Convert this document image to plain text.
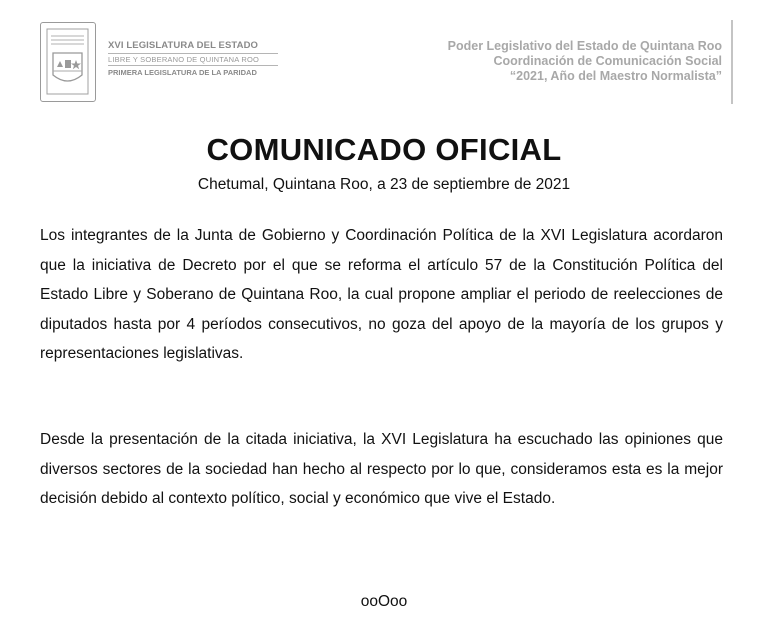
XVI LEGISLATURA DEL ESTADO
LIBRE Y SOBERANO DE QUINTANA ROO
PRIMERA LEGISLATURA DE LA PARIDAD
Poder Legislativo del Estado de Quintana Roo
Coordinación de Comunicación Social
“2021, Año del Maestro Normalista”
COMUNICADO OFICIAL
Chetumal, Quintana Roo, a 23 de septiembre de 2021
Los integrantes de la Junta de Gobierno y Coordinación Política de la XVI Legislatura acordaron que la iniciativa de Decreto por el que se reforma el artículo 57 de la Constitución Política del Estado Libre y Soberano de Quintana Roo, la cual propone ampliar el periodo de reelecciones de diputados hasta por 4 períodos consecutivos, no goza del apoyo de la mayoría de los grupos y representaciones legislativas.
Desde la presentación de la citada iniciativa, la XVI Legislatura ha escuchado las opiniones que diversos sectores de la sociedad han hecho al respecto por lo que, consideramos esta es la mejor decisión debido al contexto político, social y económico que vive el Estado.
ooOoo
